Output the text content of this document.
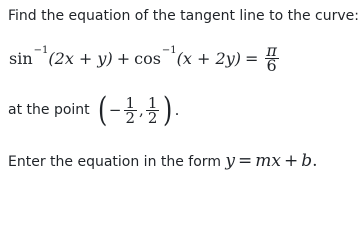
Find the equation of the tangent line to the curve:
sin −1 (2x + y) + cos −1 $(x + 2y) = \frac{\pi}{6}$
at the point ( − $\frac{1}{2}$ , $\frac{1}{2}$ ) .
Enter the equation in the form y = mx + b.
